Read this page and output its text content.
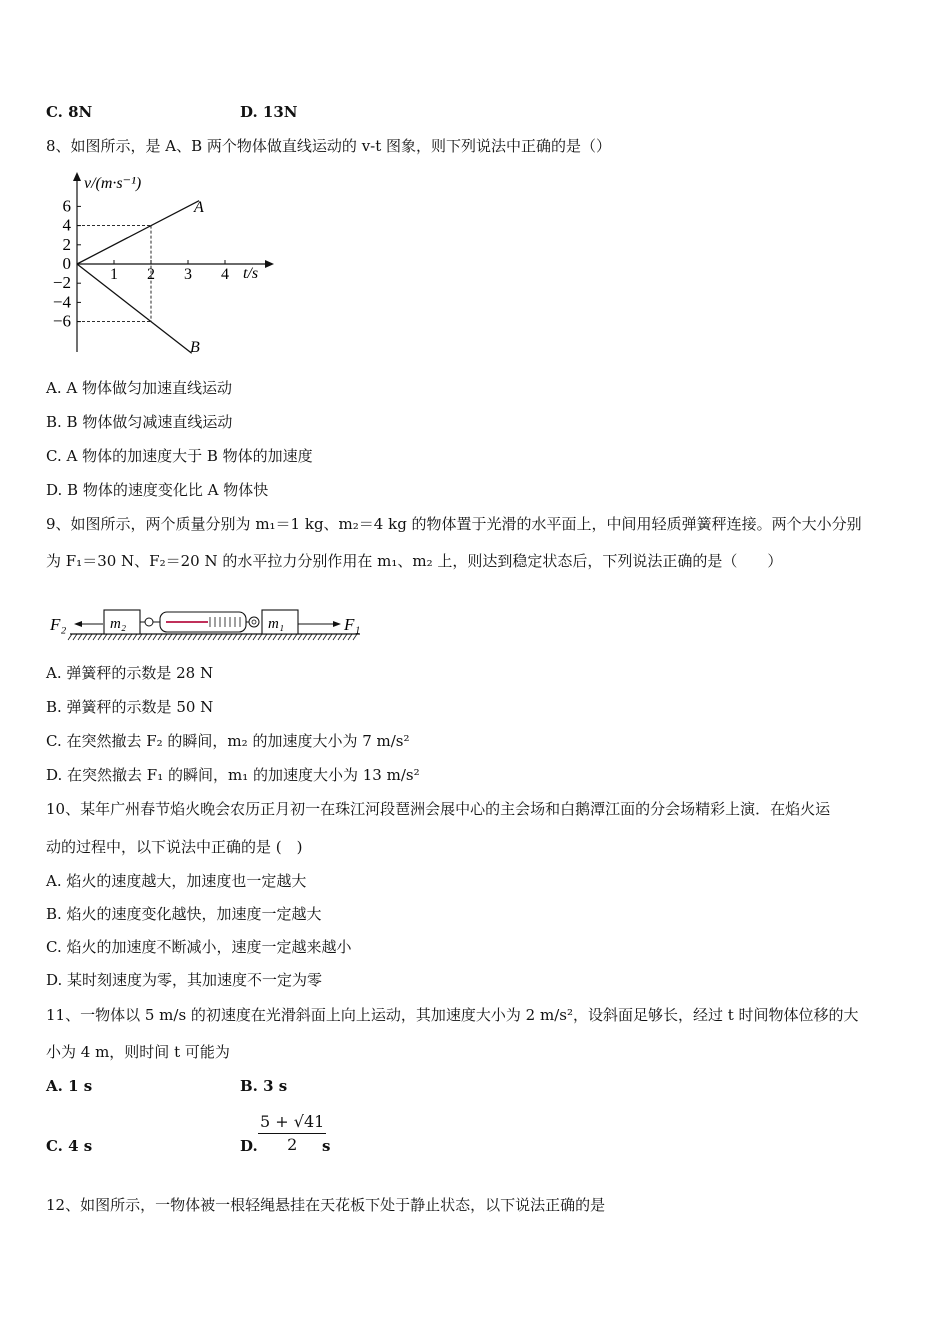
C. 8N	D. 13N
8、如图所示，是 A、B 两个物体做直线运动的 v-t 图象，则下列说法中正确的是（）
v/(m·s⁻¹)
t/s
A
B
6
4
2
0
−2
−4
−6
1 2 3 4
A. A 物体做匀加速直线运动
B. B 物体做匀减速直线运动
C. A 物体的加速度大于 B 物体的加速度
D. B 物体的速度变化比 A 物体快
9、如图所示，两个质量分别为 m₁＝1 kg、m₂＝4 kg 的物体置于光滑的水平面上，中间用轻质弹簧秤连接。两个大小分别
为 F₁＝30 N、F₂＝20 N 的水平拉力分别作用在 m₁、m₂ 上，则达到稳定状态后，下列说法正确的是（　　）
F₂	m₂	m₁	F₁
A. 弹簧秤的示数是 28 N
B. 弹簧秤的示数是 50 N
C. 在突然撤去 F₂ 的瞬间，m₂ 的加速度大小为 7 m/s²
D. 在突然撤去 F₁ 的瞬间，m₁ 的加速度大小为 13 m/s²
10、某年广州春节焰火晚会农历正月初一在珠江河段琶洲会展中心的主会场和白鹅潭江面的分会场精彩上演．在焰火运
动的过程中，以下说法中正确的是 (　)
A. 焰火的速度越大，加速度也一定越大
B. 焰火的速度变化越快，加速度一定越大
C. 焰火的加速度不断减小，速度一定越来越小
D. 某时刻速度为零，其加速度不一定为零
11、一物体以 5 m/s 的初速度在光滑斜面上向上运动，其加速度大小为 2 m/s²，设斜面足够长，经过 t 时间物体位移的大
小为 4 m，则时间 t 可能为
A. 1 s	B. 3 s
C. 4 s	D. $\frac{5 + √41}{2}$
s
12、如图所示，一物体被一根轻绳悬挂在天花板下处于静止状态，以下说法正确的是
